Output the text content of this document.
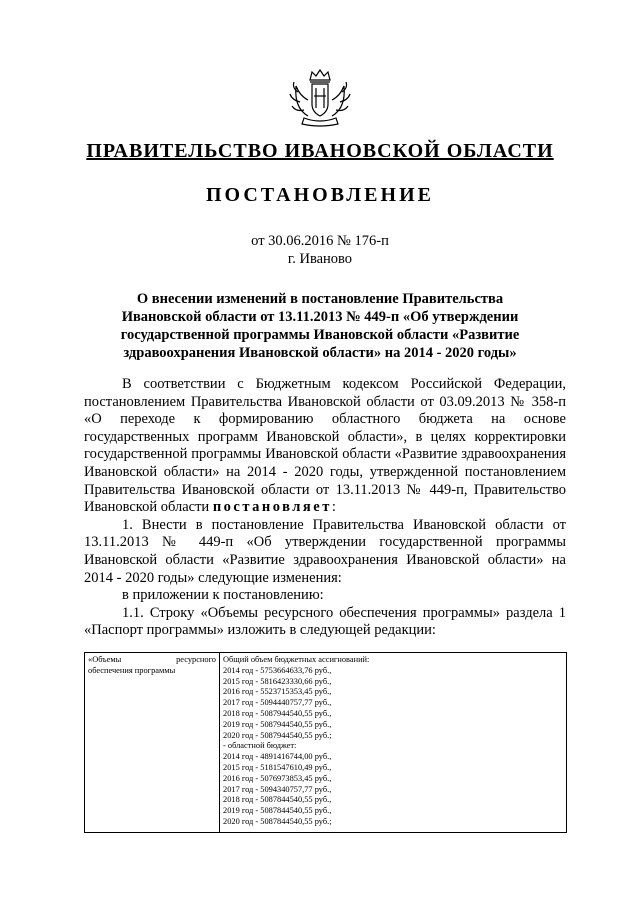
ПРАВИТЕЛЬСТВО ИВАНОВСКОЙ ОБЛАСТИ
ПОСТАНОВЛЕНИЕ
от 30.06.2016 № 176-п
г. Иваново
О внесении изменений в постановление Правительства
Ивановской области от 13.11.2013 № 449-п «Об утверждении
государственной программы Ивановской области «Развитие
здравоохранения Ивановской области» на 2014 - 2020 годы»

В соответствии с Бюджетным кодексом Российской Федерации, постановлением Правительства Ивановской области от 03.09.2013 № 358-п «О переходе к формированию областного бюджета на основе государственных программ Ивановской области», в целях корректировки государственной программы Ивановской области «Развитие здравоохранения Ивановской области» на 2014 - 2020 годы, утвержденной постановлением Правительства Ивановской области от 13.11.2013 № 449-п, Правительство Ивановской области постановляет:

1. Внести в постановление Правительства Ивановской области от 13.11.2013 № 449-п «Об утверждении государственной программы Ивановской области «Развитие здравоохранения Ивановской области» на 2014 - 2020 годы» следующие изменения:

в приложении к постановлению:

1.1. Строку «Объемы ресурсного обеспечения программы» раздела 1 «Паспорт программы» изложить в следующей редакции:

«Объемы	ресурсного
обеспечения программы

Общий объем бюджетных ассигнований:
2014 год - 5753664633,76 руб.,
2015 год - 5816423330,66 руб.,
2016 год - 5523715353,45 руб.,
2017 год - 5094440757,77 руб.,
2018 год - 5087944540,55 руб.,
2019 год - 5087944540,55 руб.,
2020 год - 5087944540,55 руб.;
- областной бюджет:
2014 год - 4891416744,00 руб.,
2015 год - 5181547610,49 руб.,
2016 год - 5076973853,45 руб.,
2017 год - 5094340757,77 руб.,
2018 год - 5087844540,55 руб.,
2019 год - 5087844540,55 руб.,
2020 год - 5087844540,55 руб.;
